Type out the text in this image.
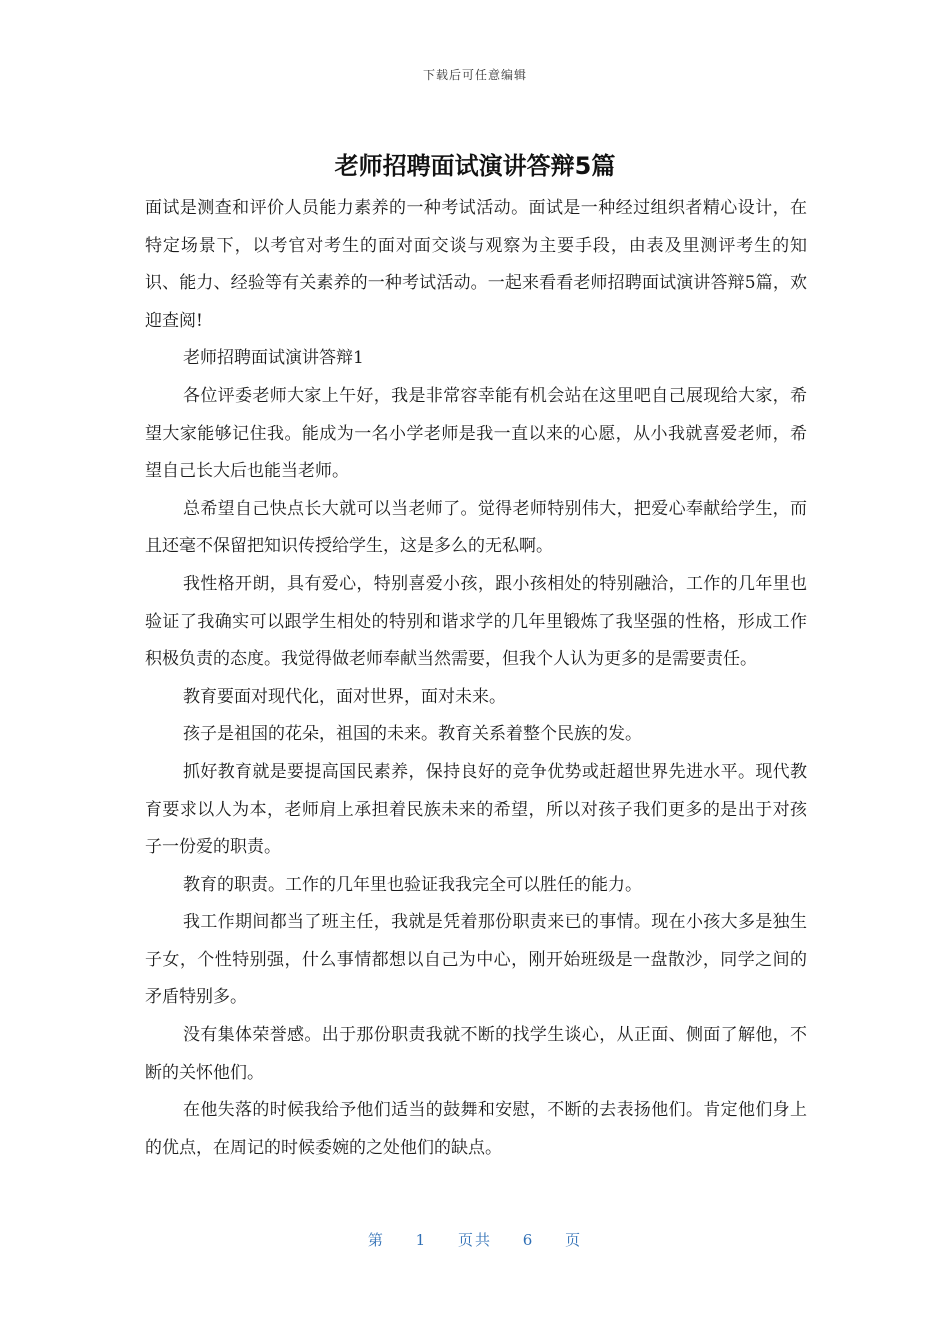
下载后可任意编辑
老师招聘面试演讲答辩5篇

面试是测查和评价人员能力素养的一种考试活动。面试是一种经过组织者精心设计，在特定场景下，以考官对考生的面对面交谈与观察为主要手段，由表及里测评考生的知识、能力、经验等有关素养的一种考试活动。一起来看看老师招聘面试演讲答辩5篇，欢迎查阅!

老师招聘面试演讲答辩1

各位评委老师大家上午好，我是非常容幸能有机会站在这里吧自己展现给大家，希望大家能够记住我。能成为一名小学老师是我一直以来的心愿，从小我就喜爱老师，希望自己长大后也能当老师。

总希望自己快点长大就可以当老师了。觉得老师特别伟大，把爱心奉献给学生，而且还毫不保留把知识传授给学生，这是多么的无私啊。

我性格开朗，具有爱心，特别喜爱小孩，跟小孩相处的特别融洽，工作的几年里也验证了我确实可以跟学生相处的特别和谐求学的几年里锻炼了我坚强的性格，形成工作积极负责的态度。我觉得做老师奉献当然需要，但我个人认为更多的是需要责任。

教育要面对现代化，面对世界，面对未来。

孩子是祖国的花朵，祖国的未来。教育关系着整个民族的发。

抓好教育就是要提高国民素养，保持良好的竞争优势或赶超世界先进水平。现代教育要求以人为本，老师肩上承担着民族未来的希望，所以对孩子我们更多的是出于对孩子一份爱的职责。

教育的职责。工作的几年里也验证我我完全可以胜任的能力。

我工作期间都当了班主任，我就是凭着那份职责来已的事情。现在小孩大多是独生子女，个性特别强，什么事情都想以自己为中心，刚开始班级是一盘散沙，同学之间的矛盾特别多。

没有集体荣誉感。出于那份职责我就不断的找学生谈心，从正面、侧面了解他，不断的关怀他们。

在他失落的时候我给予他们适当的鼓舞和安慰，不断的去表扬他们。肯定他们身上的优点，在周记的时候委婉的之处他们的缺点。

第 1 页共 6 页
